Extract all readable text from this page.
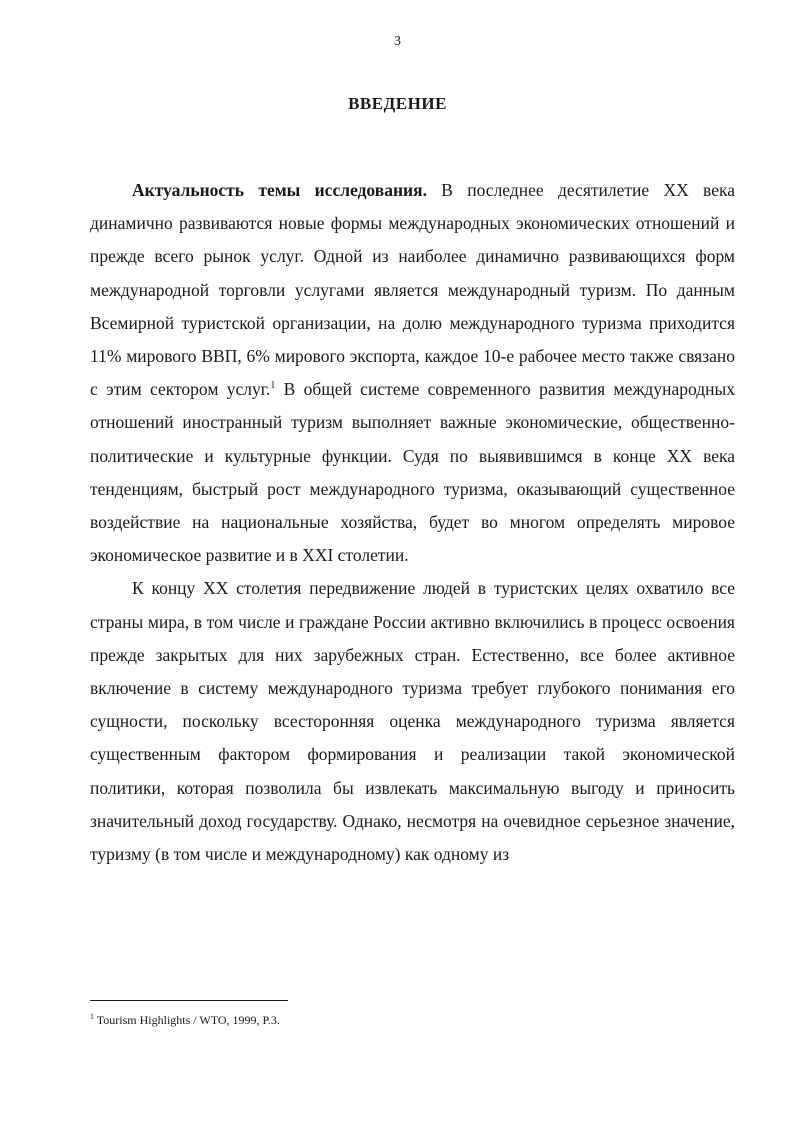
3
ВВЕДЕНИЕ

Актуальность темы исследования. В последнее десятилетие XX века динамично развиваются новые формы международных экономических отношений и прежде всего рынок услуг. Одной из наиболее динамично развивающихся форм международной торговли услугами является международный туризм. По данным Всемирной туристской организации, на долю международного туризма приходится 11% мирового ВВП, 6% мирового экспорта, каждое 10-е рабочее место также связано с этим сектором услуг.$^1$ В общей системе современного развития международных отношений иностранный туризм выполняет важные экономические, общественно-политические и культурные функции. Судя по выявившимся в конце XX века тенденциям, быстрый рост международного туризма, оказывающий существенное воздействие на национальные хозяйства, будет во многом определять мировое экономическое развитие и в XXI столетии.

К концу XX столетия передвижение людей в туристских целях охватило все страны мира, в том числе и граждане России активно включились в процесс освоения прежде закрытых для них зарубежных стран. Естественно, все более активное включение в систему международного туризма требует глубокого понимания его сущности, поскольку всесторонняя оценка международного туризма является существенным фактором формирования и реализации такой экономической политики, которая позволила бы извлекать максимальную выгоду и приносить значительный доход государству. Однако, несмотря на очевидное серьезное значение, туризму (в том числе и международному) как одному из

$^1$ Tourism Highlights / WTO, 1999, P.3.
